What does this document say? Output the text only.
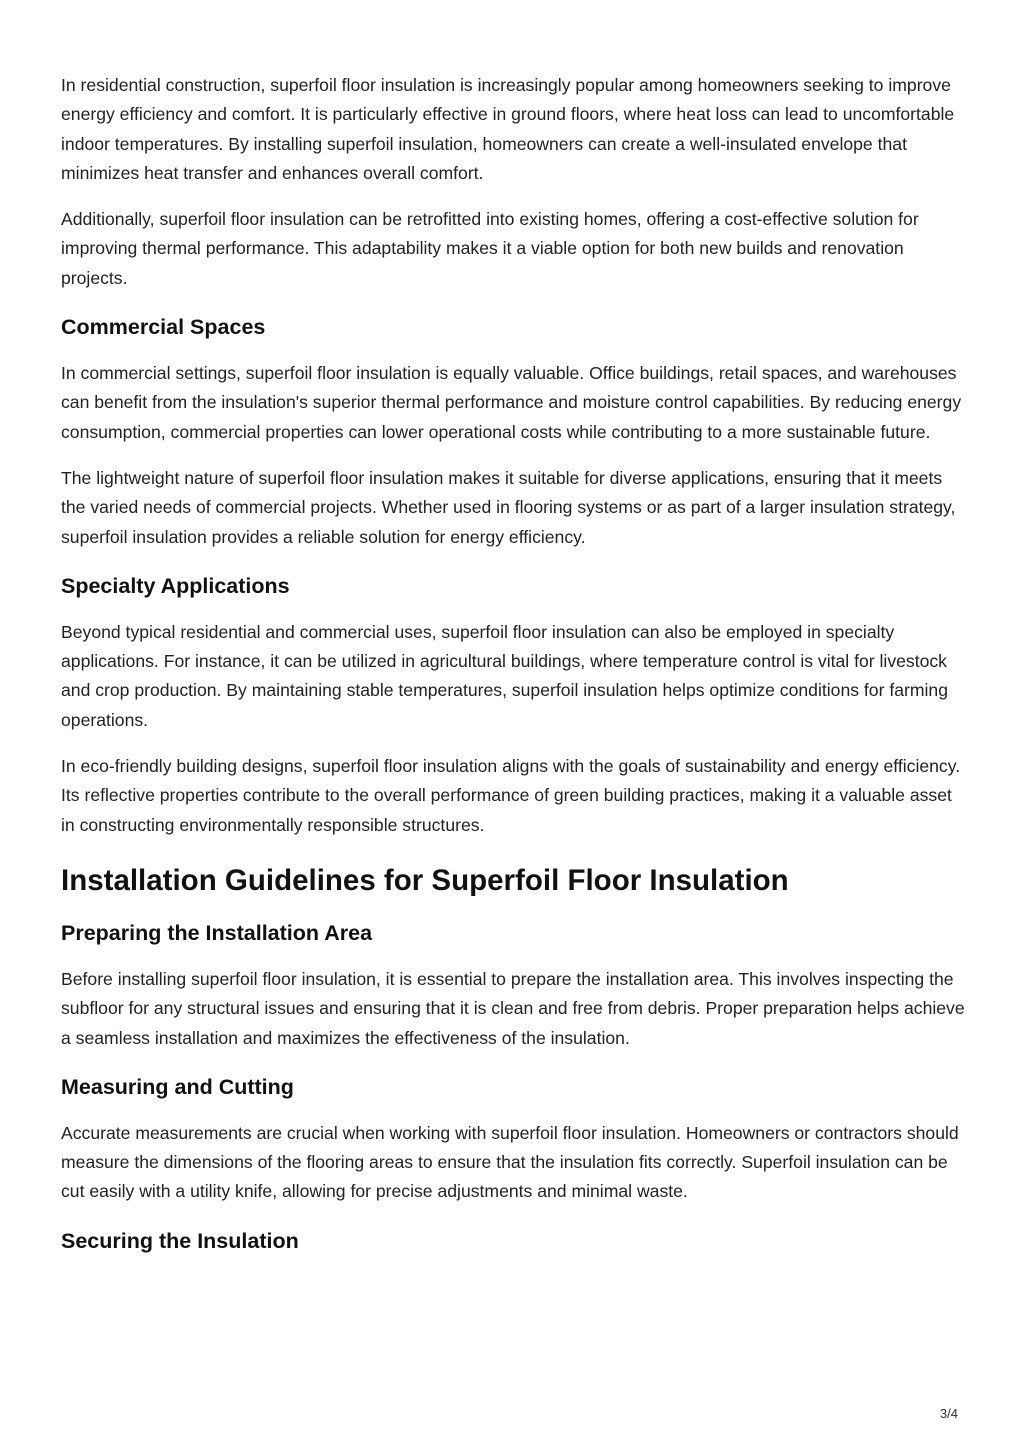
In residential construction, superfoil floor insulation is increasingly popular among homeowners seeking to improve energy efficiency and comfort. It is particularly effective in ground floors, where heat loss can lead to uncomfortable indoor temperatures. By installing superfoil insulation, homeowners can create a well-insulated envelope that minimizes heat transfer and enhances overall comfort.

Additionally, superfoil floor insulation can be retrofitted into existing homes, offering a cost-effective solution for improving thermal performance. This adaptability makes it a viable option for both new builds and renovation projects.

Commercial Spaces

In commercial settings, superfoil floor insulation is equally valuable. Office buildings, retail spaces, and warehouses can benefit from the insulation's superior thermal performance and moisture control capabilities. By reducing energy consumption, commercial properties can lower operational costs while contributing to a more sustainable future.

The lightweight nature of superfoil floor insulation makes it suitable for diverse applications, ensuring that it meets the varied needs of commercial projects. Whether used in flooring systems or as part of a larger insulation strategy, superfoil insulation provides a reliable solution for energy efficiency.

Specialty Applications

Beyond typical residential and commercial uses, superfoil floor insulation can also be employed in specialty applications. For instance, it can be utilized in agricultural buildings, where temperature control is vital for livestock and crop production. By maintaining stable temperatures, superfoil insulation helps optimize conditions for farming operations.

In eco-friendly building designs, superfoil floor insulation aligns with the goals of sustainability and energy efficiency. Its reflective properties contribute to the overall performance of green building practices, making it a valuable asset in constructing environmentally responsible structures.

Installation Guidelines for Superfoil Floor Insulation
Preparing the Installation Area

Before installing superfoil floor insulation, it is essential to prepare the installation area. This involves inspecting the subfloor for any structural issues and ensuring that it is clean and free from debris. Proper preparation helps achieve a seamless installation and maximizes the effectiveness of the insulation.

Measuring and Cutting

Accurate measurements are crucial when working with superfoil floor insulation. Homeowners or contractors should measure the dimensions of the flooring areas to ensure that the insulation fits correctly. Superfoil insulation can be cut easily with a utility knife, allowing for precise adjustments and minimal waste.

Securing the Insulation
3/4
